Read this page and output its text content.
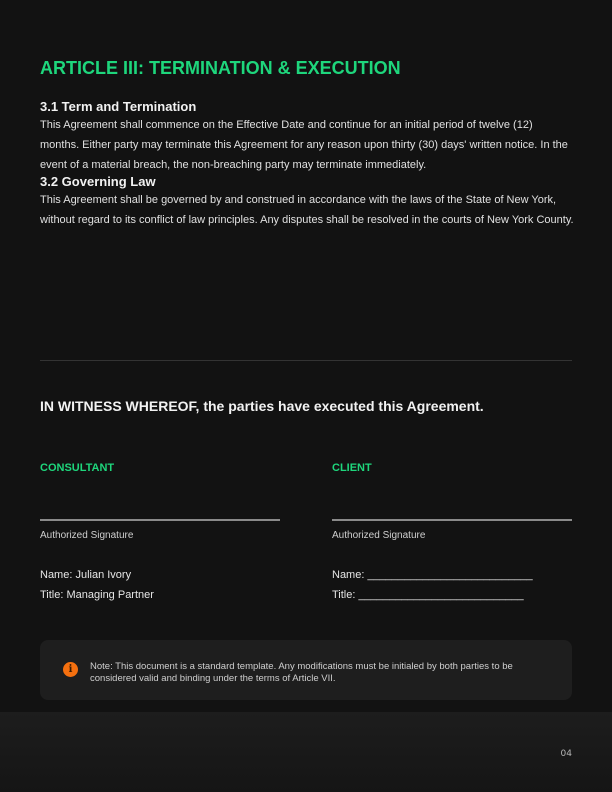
ARTICLE III: TERMINATION & EXECUTION
3.1 Term and Termination

This Agreement shall commence on the Effective Date and continue for an initial period of twelve (12) months. Either party may terminate this Agreement for any reason upon thirty (30) days' written notice. In the event of a material breach, the non-breaching party may terminate immediately.

3.2 Governing Law

This Agreement shall be governed by and construed in accordance with the laws of the State of New York, without regard to its conflict of law principles. Any disputes shall be resolved in the courts of New York County.

IN WITNESS WHEREOF, the parties have executed this Agreement.
CONSULTANT
Authorized Signature
Name: Julian Ivory
Title: Managing Partner
CLIENT
Authorized Signature
Name: ___________________________
Title: ___________________________
i	Note: This document is a standard template. Any modifications must be initialed by both parties to be considered valid and binding under the terms of Article VII.
04
